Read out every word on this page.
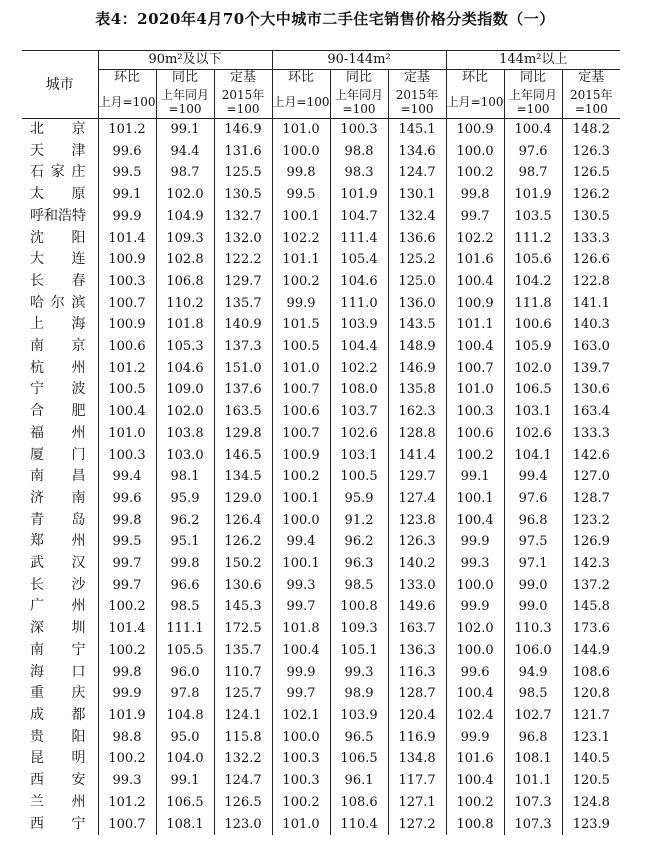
表4：2020年4月70个大中城市二手住宅销售价格分类指数（一）
城市	90m²及以下			90-144m²			144m²以上		
	环比	同比	定基	环比	同比	定基	环比	同比	定基
	上月=100	上年同月=100	2015年=100	上月=100	上年同月=100	2015年=100	上月=100	上年同月=100	2015年=100
北京	101.2	99.1	146.9	101.0	100.3	145.1	100.9	100.4	148.2
天津	99.6	94.4	131.6	100.0	98.8	134.6	100.0	97.6	126.3
石家庄	99.5	98.7	125.5	99.8	98.3	124.7	100.2	98.7	126.5
太原	99.1	102.0	130.5	99.5	101.9	130.1	99.8	101.9	126.2
呼和浩特	99.9	104.9	132.7	100.1	104.7	132.4	99.7	103.5	130.5
沈阳	101.4	109.3	132.0	102.2	111.4	136.6	102.2	111.2	133.3
大连	100.9	102.8	122.2	101.1	105.4	125.2	101.6	105.6	126.6
长春	100.3	106.8	129.7	100.2	104.6	125.0	100.4	104.2	122.8
哈尔滨	100.7	110.2	135.7	99.9	111.0	136.0	100.9	111.8	141.1
上海	100.9	101.8	140.9	101.5	103.9	143.5	101.1	100.6	140.3
南京	100.6	105.3	137.3	100.5	104.4	148.9	100.4	105.9	163.0
杭州	101.2	104.6	151.0	101.0	102.2	146.9	100.7	102.0	139.7
宁波	100.5	109.0	137.6	100.7	108.0	135.8	101.0	106.5	130.6
合肥	100.4	102.0	163.5	100.6	103.7	162.3	100.3	103.1	163.4
福州	101.0	103.8	129.8	100.7	102.6	128.8	100.6	102.6	133.3
厦门	100.3	103.0	146.5	100.9	103.1	141.4	100.2	104.1	142.6
南昌	99.4	98.1	134.5	100.2	100.5	129.7	99.1	99.4	127.0
济南	99.6	95.9	129.0	100.1	95.9	127.4	100.1	97.6	128.7
青岛	99.8	96.2	126.4	100.0	91.2	123.8	100.4	96.8	123.2
郑州	99.5	95.1	126.2	99.4	96.2	126.3	99.9	97.5	126.9
武汉	99.7	99.8	150.2	100.1	96.3	140.2	99.3	97.1	142.3
长沙	99.7	96.6	130.6	99.3	98.5	133.0	100.0	99.0	137.2
广州	100.2	98.5	145.3	99.7	100.8	149.6	99.9	99.0	145.8
深圳	101.4	111.1	172.5	101.8	109.3	163.7	102.0	110.3	173.6
南宁	100.2	105.5	135.7	100.4	105.1	136.3	100.0	106.0	144.9
海口	99.8	96.0	110.7	99.9	99.3	116.3	99.6	94.9	108.6
重庆	99.9	97.8	125.7	99.7	98.9	128.7	100.4	98.5	120.8
成都	101.9	104.8	124.1	102.1	103.9	120.4	102.4	102.7	121.7
贵阳	98.8	95.0	115.8	100.0	96.5	116.9	99.9	96.8	123.1
昆明	100.2	104.0	132.2	100.3	106.5	134.8	101.6	108.1	140.5
西安	99.3	99.1	124.7	100.3	96.1	117.7	100.4	101.1	120.5
兰州	101.2	106.5	126.5	100.2	108.6	127.1	100.2	107.3	124.8
西宁	100.7	108.1	123.0	101.0	110.4	127.2	100.8	107.3	123.9
